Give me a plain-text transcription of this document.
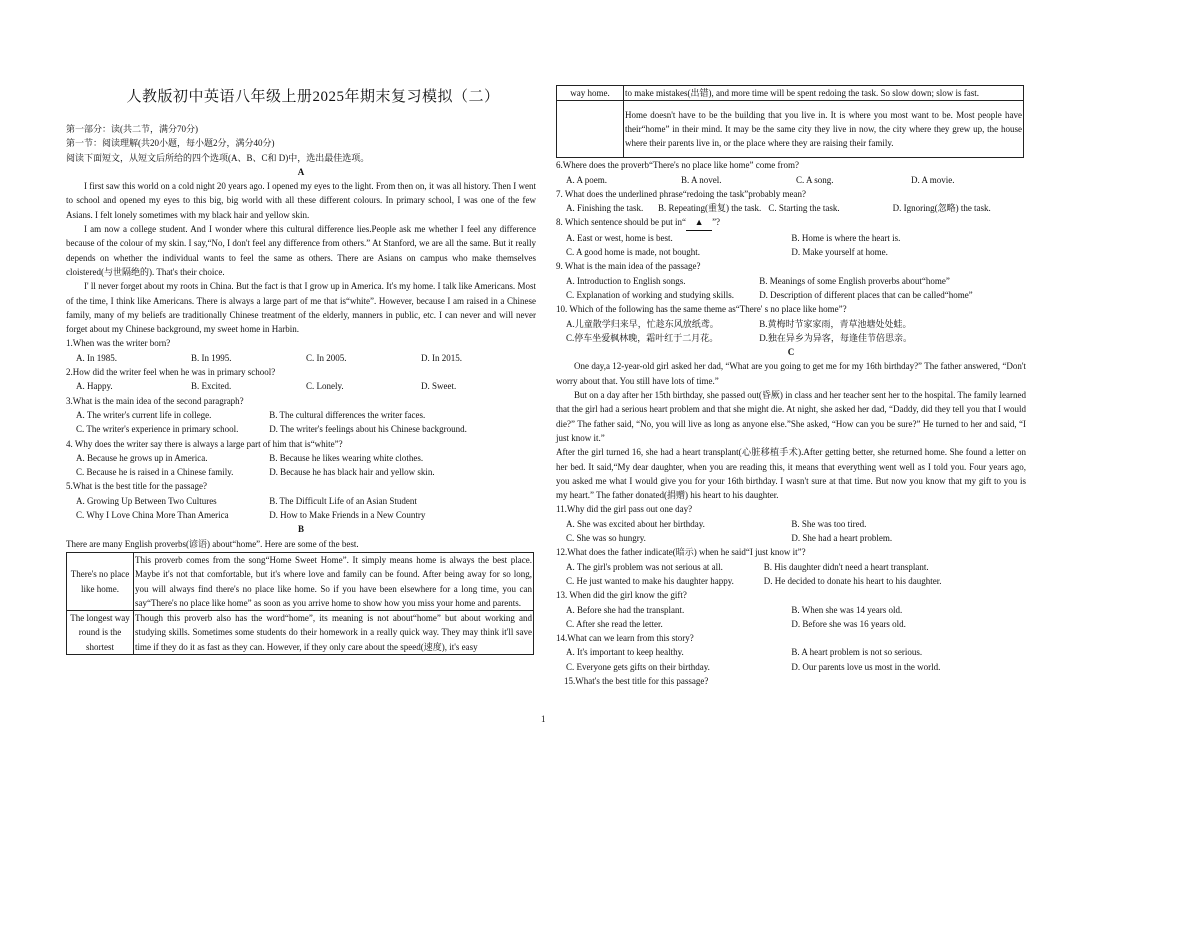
人教版初中英语八年级上册2025年期末复习模拟（二）

第一部分：读(共二节，满分70分)

第一节：阅读理解(共20小题，每小题2分，满分40分)

阅读下面短文，从短文后所给的四个选项(A、B、C和 D)中，选出最佳选项。

A

I first saw this world on a cold night 20 years ago. I opened my eyes to the light. From then on, it was all history. Then I went to school and opened my eyes to this big, big world with all these different colours. In primary school, I was one of the few Asians. I felt lonely sometimes with my black hair and yellow skin.

I am now a college student. And I wonder where this cultural difference lies.People ask me whether I feel any difference because of the colour of my skin. I say,“No, I don't feel any difference from others.” At Stanford, we are all the same. But it really depends on whether the individual wants to feel the same as others. There are Asians on campus who make themselves cloistered(与世隔绝的). That's their choice.

I' ll never forget about my roots in China. But the fact is that I grow up in America. It's my home. I talk like Americans. Most of the time, I think like Americans. There is always a large part of me that is“white”. However, because I am raised in a Chinese family, many of my beliefs are traditionally Chinese treatment of the elderly, manners in public, etc. I can never and will never forget about my Chinese background, my sweet home in Harbin.

1.When was the writer born?

A. In 1985.	B. In 1995.	C. In 2005.	D. In 2015.

2.How did the writer feel when he was in primary school?

A. Happy.	B. Excited.	C. Lonely.	D. Sweet.

3.What is the main idea of the second paragraph?

A. The writer's current life in college.	B. The cultural differences the writer faces.
C. The writer's experience in primary school.	D. The writer's feelings about his Chinese background.

4. Why does the writer say there is always a large part of him that is“white”?

A. Because he grows up in America.	B. Because he likes wearing white clothes.
C. Because he is raised in a Chinese family.	D. Because he has black hair and yellow skin.

5.What is the best title for the passage?

A. Growing Up Between Two Cultures	B. The Difficult Life of an Asian Student
C. Why I Love China More Than America	D. How to Make Friends in a New Country
B

There are many English proverbs(谚语) about“home”. Here are some of the best.

There's no place like home.	This proverb comes from the song“Home Sweet Home”. It simply means home is always the best place. Maybe it's not that comfortable, but it's where love and family can be found. After being away for so long, you will always find there's no place like home. So if you have been elsewhere for a long time, you can say“There's no place like home” as soon as you arrive home to show how you miss your home and parents.
The longest way round is the shortest	Though this proverb also has the word“home”, its meaning is not about“home” but about working and studying skills. Sometimes some students do their homework in a really quick way. They may think it'll save time if they do it as fast as they can. However, if they only care about the speed(速度), it's easy
way home.	to make mistakes(出错), and more time will be spent redoing the task. So slow down; slow is fast.
	Home doesn't have to be the building that you live in. It is where you most want to be. Most people have their“home” in their mind. It may be the same city they live in now, the city where they grew up, the house where their parents live in, or the place where they are raising their family.

6.Where does the proverb“There's no place like home” come from?

A. A poem.	B. A novel.	C. A song.	D. A movie.

7. What does the underlined phrase“redoing the task”probably mean?

A. Finishing the task.	B. Repeating(重复) the task. C. Starting the task.	D. Ignoring(忽略) the task.

8. Which sentence should be put in“ ▲ ”?

A. East or west, home is best.	B. Home is where the heart is.
C. A good home is made, not bought.	D. Make yourself at home.

9. What is the main idea of the passage?

A. Introduction to English songs.	B. Meanings of some English proverbs about“home”
C. Explanation of working and studying skills.	D. Description of different places that can be called“home”

10. Which of the following has the same theme as“There' s no place like home”?

A.儿童散学归来早，忙趁东风放纸鸢。	B.黄梅时节家家雨，青草池塘处处蛙。
C.停车坐爱枫林晚，霜叶红于二月花。	D.独在异乡为异客，每逢佳节倍思亲。
C

One day,a 12-year-old girl asked her dad, “What are you going to get me for my 16th birthday?” The father answered, “Don't worry about that. You still have lots of time.”

But on a day after her 15th birthday, she passed out(昏厥) in class and her teacher sent her to the hospital. The family learned that the girl had a serious heart problem and that she might die. At night, she asked her dad, “Daddy, did they tell you that I would die?” The father said, “No, you will live as long as anyone else.”She asked, “How can you be sure?” He turned to her and said, “I just know it.”

After the girl turned 16, she had a heart transplant(心脏移植手术).After getting better, she returned home. She found a letter on her bed. It said,“My dear daughter, when you are reading this, it means that everything went well as I told you. Four years ago, you asked me what I would give you for your 16th birthday. I wasn't sure at that time. But now you know that my gift to you is my heart.” The father donated(捐赠) his heart to his daughter.

11.Why did the girl pass out one day?

A. She was excited about her birthday.	B. She was too tired.
C. She was so hungry.	D. She had a heart problem.

12.What does the father indicate(暗示) when he said“I just know it”?

A. The girl's problem was not serious at all.	B. His daughter didn't need a heart transplant.
C. He just wanted to make his daughter happy.	D. He decided to donate his heart to his daughter.

13. When did the girl know the gift?

A. Before she had the transplant.	B. When she was 14 years old.
C. After she read the letter.	D. Before she was 16 years old.

14.What can we learn from this story?

A. It's important to keep healthy.	B. A heart problem is not so serious.
C. Everyone gets gifts on their birthday.	D. Our parents love us most in the world.

15.What's the best title for this passage?

1
